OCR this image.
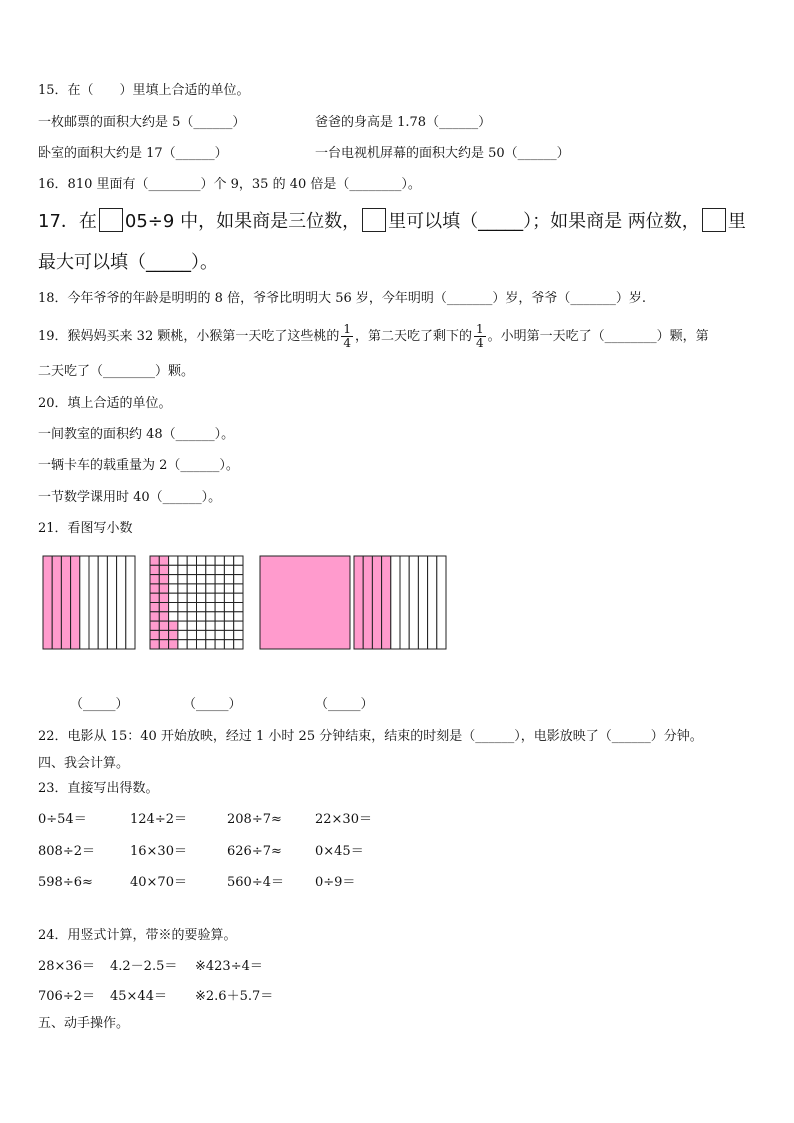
15．在（　　）里填上合适的单位。
一枚邮票的面积大约是 5（______）	爸爸的身高是 1.78（______）
卧室的面积大约是 17（______）	一台电视机屏幕的面积大约是 50（______）
16．810 里面有（________）个 9，35 的 40 倍是（________）。
17．在 05÷9 中，如果商是三位数， 里可以填（_____）；如果商是 两位数， 里
最大可以填（_____）。
18．今年爷爷的年龄是明明的 8 倍，爷爷比明明大 56 岁，今年明明（_______）岁，爷爷（_______）岁.
19．猴妈妈买来 32 颗桃，小猴第一天吃了这些桃的 $\frac{1}{4}$ ，第二天吃了剩下的 $\frac{1}{4}$ 。小明第一天吃了（________）颗，第
二天吃了（________）颗。
20．填上合适的单位。
一间教室的面积约 48（______）。
一辆卡车的载重量为 2（______）。
一节数学课用时 40（______）。
21．看图写小数
（_____）	（_____）	（_____）
22．电影从 15：40 开始放映，经过 1 小时 25 分钟结束，结束的时刻是（______），电影放映了（______）分钟。
四、我会计算。
23．直接写出得数。
0÷54＝	124÷2＝	208÷7≈	22×30＝
808÷2＝	16×30＝	626÷7≈	0×45＝
598÷6≈	40×70＝	560÷4＝ 0÷9＝
24．用竖式计算，带※的要验算。
28×36＝ 4.2－2.5＝ ※423÷4＝
706÷2＝ 45×44＝ ※2.6＋5.7＝
五、动手操作。
